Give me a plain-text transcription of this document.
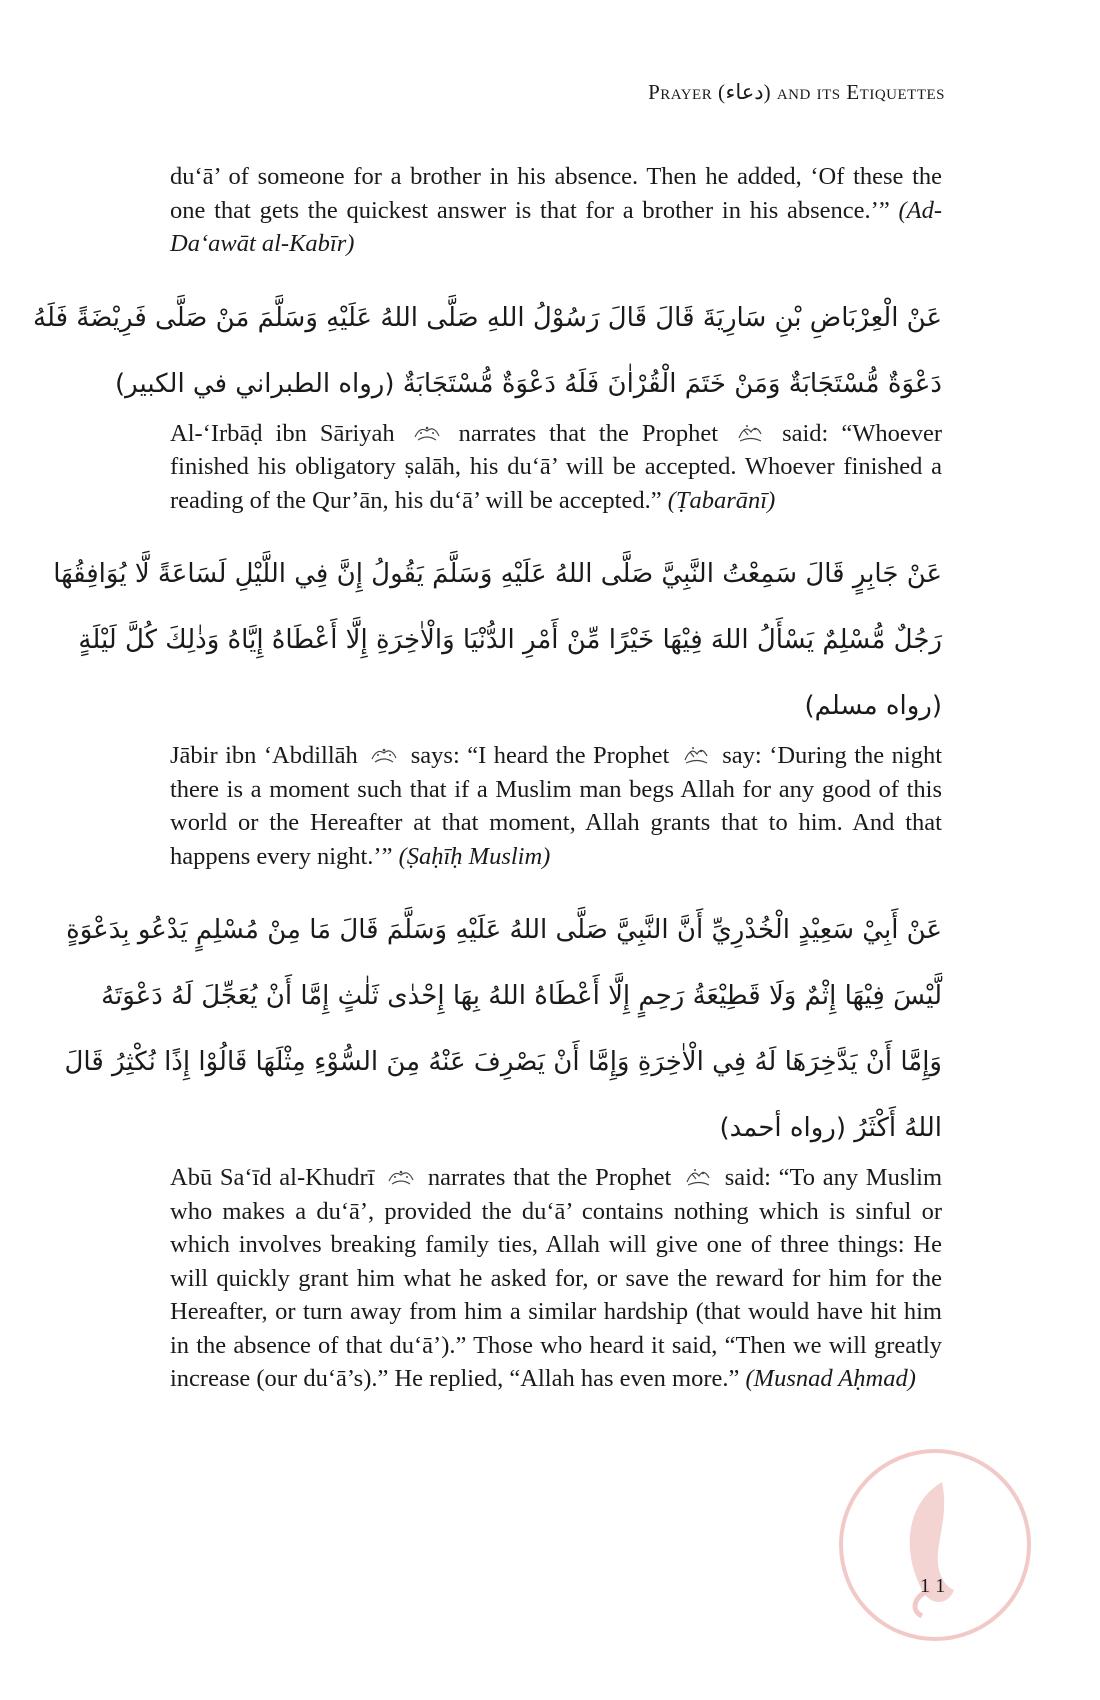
Prayer (دعاء) and its Etiquettes

du‘ā’ of someone for a brother in his absence. Then he added, ‘Of these the one that gets the quickest answer is that for a brother in his absence.’” (Ad-Da‘awāt al-Kabīr)

عَنْ الْعِرْبَاضِ بْنِ سَارِيَةَ قَالَ قَالَ رَسُوْلُ اللهِ صَلَّى اللهُ عَلَيْهِ وَسَلَّمَ مَنْ صَلَّى فَرِيْضَةً فَلَهُ
دَعْوَةٌ مُّسْتَجَابَةٌ وَمَنْ خَتَمَ الْقُرْاٰنَ فَلَهُ دَعْوَةٌ مُّسْتَجَابَةٌ (رواه الطبراني في الكبير)

Al-‘Irbāḍ ibn Sāriyah	narrates that the Prophet	said: “Whoever finished his obligatory ṣalāh, his du‘ā’ will be accepted. Whoever finished a reading of the Qur’ān, his du‘ā’ will be accepted.” (Ṭabarānī)

عَنْ جَابِرٍ قَالَ سَمِعْتُ النَّبِيَّ صَلَّى اللهُ عَلَيْهِ وَسَلَّمَ يَقُولُ إِنَّ فِي اللَّيْلِ لَسَاعَةً لَّا يُوَافِقُهَا
رَجُلٌ مُّسْلِمٌ يَسْأَلُ اللهَ فِيْهَا خَيْرًا مِّنْ أَمْرِ الدُّنْيَا وَالْاٰخِرَةِ إِلَّا أَعْطَاهُ إِيَّاهُ وَذٰلِكَ كُلَّ لَيْلَةٍ
(رواه مسلم)

Jābir ibn ‘Abdillāh says: “I heard the Prophet say: ‘During the night there is a moment such that if a Muslim man begs Allah for any good of this world or the Hereafter at that moment, Allah grants that to him. And that happens every night.’” (Ṣaḥīḥ Muslim)

عَنْ أَبِيْ سَعِيْدٍ الْخُدْرِيِّ أَنَّ النَّبِيَّ صَلَّى اللهُ عَلَيْهِ وَسَلَّمَ قَالَ مَا مِنْ مُسْلِمٍ يَدْعُو بِدَعْوَةٍ
لَّيْسَ فِيْهَا إِثْمٌ وَلَا قَطِيْعَةُ رَحِمٍ إِلَّا أَعْطَاهُ اللهُ بِهَا إِحْدٰى ثَلٰثٍ إِمَّا أَنْ يُعَجِّلَ لَهُ دَعْوَتَهُ
وَإِمَّا أَنْ يَدَّخِرَهَا لَهُ فِي الْاٰخِرَةِ وَإِمَّا أَنْ يَصْرِفَ عَنْهُ مِنَ السُّوْءِ مِثْلَهَا قَالُوْا إِذًا نُكْثِرُ قَالَ
اللهُ أَكْثَرُ (رواه أحمد)

Abū Sa‘īd al-Khudrī narrates that the Prophet said: “To any Muslim who makes a du‘ā’, provided the du‘ā’ contains nothing which is sinful or which involves breaking family ties, Allah will give one of three things: He will quickly grant him what he asked for, or save the reward for him for the Hereafter, or turn away from him a similar hardship (that would have hit him in the absence of that du‘ā’).” Those who heard it said, “Then we will greatly increase (our du‘ā’s).” He replied, “Allah has even more.” (Musnad Aḥmad)

11
